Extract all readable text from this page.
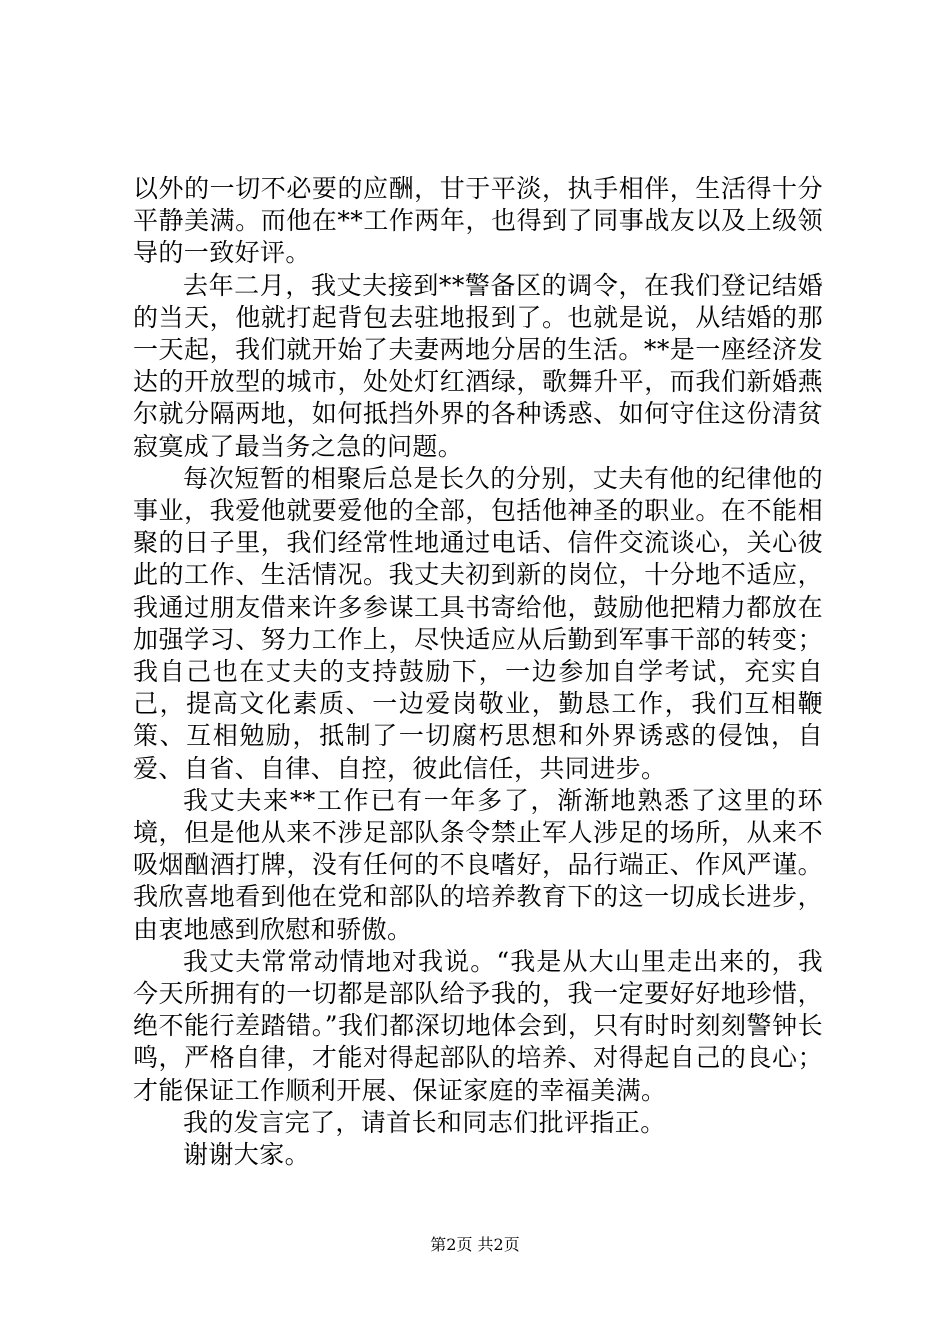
以外的一切不必要的应酬，甘于平淡，执手相伴，生活得十分平静美满。而他在**工作两年，也得到了同事战友以及上级领导的一致好评。

去年二月，我丈夫接到**警备区的调令，在我们登记结婚的当天，他就打起背包去驻地报到了。也就是说，从结婚的那一天起，我们就开始了夫妻两地分居的生活。**是一座经济发达的开放型的城市，处处灯红酒绿，歌舞升平，而我们新婚燕尔就分隔两地，如何抵挡外界的各种诱惑、如何守住这份清贫寂寞成了最当务之急的问题。

每次短暂的相聚后总是长久的分别，丈夫有他的纪律他的事业，我爱他就要爱他的全部，包括他神圣的职业。在不能相聚的日子里，我们经常性地通过电话、信件交流谈心，关心彼此的工作、生活情况。我丈夫初到新的岗位，十分地不适应，我通过朋友借来许多参谋工具书寄给他，鼓励他把精力都放在加强学习、努力工作上，尽快适应从后勤到军事干部的转变；我自己也在丈夫的支持鼓励下，一边参加自学考试，充实自己，提高文化素质、一边爱岗敬业，勤恳工作，我们互相鞭策、互相勉励，抵制了一切腐朽思想和外界诱惑的侵蚀，自爱、自省、自律、自控，彼此信任，共同进步。

我丈夫来**工作已有一年多了，渐渐地熟悉了这里的环境，但是他从来不涉足部队条令禁止军人涉足的场所，从来不吸烟酗酒打牌，没有任何的不良嗜好，品行端正、作风严谨。我欣喜地看到他在党和部队的培养教育下的这一切成长进步，由衷地感到欣慰和骄傲。

我丈夫常常动情地对我说。“我是从大山里走出来的，我今天所拥有的一切都是部队给予我的，我一定要好好地珍惜，绝不能行差踏错。”我们都深切地体会到，只有时时刻刻警钟长鸣，严格自律，才能对得起部队的培养、对得起自己的良心；才能保证工作顺利开展、保证家庭的幸福美满。

我的发言完了，请首长和同志们批评指正。

谢谢大家。

第2页 共2页
